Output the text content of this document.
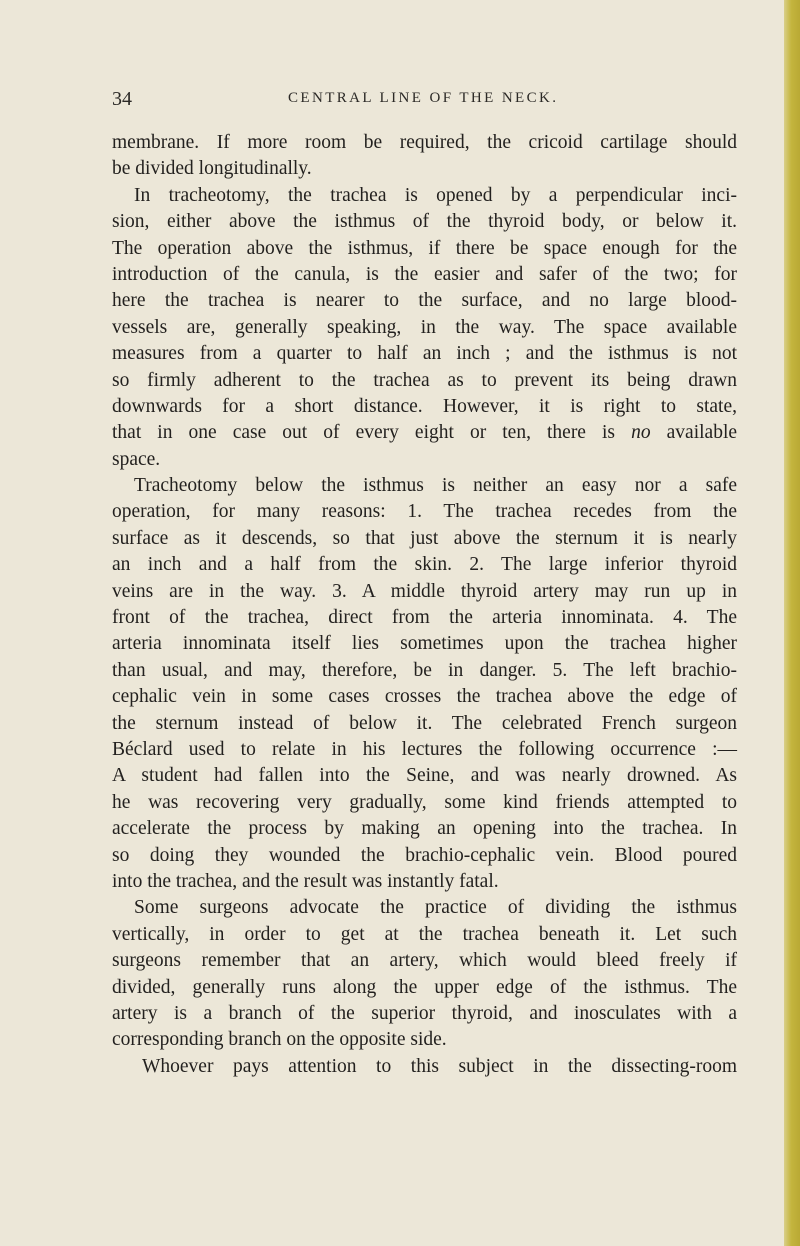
34	CENTRAL LINE OF THE NECK.
membrane. If more room be required, the cricoid cartilage should
be divided longitudinally.
In tracheotomy, the trachea is opened by a perpendicular inci-
sion, either above the isthmus of the thyroid body, or below it.
The operation above the isthmus, if there be space enough for the
introduction of the canula, is the easier and safer of the two; for
here the trachea is nearer to the surface, and no large blood-
vessels are, generally speaking, in the way. The space available
measures from a quarter to half an inch ; and the isthmus is not
so firmly adherent to the trachea as to prevent its being drawn
downwards for a short distance. However, it is right to state,
that in one case out of every eight or ten, there is no available
space.
Tracheotomy below the isthmus is neither an easy nor a safe
operation, for many reasons: 1. The trachea recedes from the
surface as it descends, so that just above the sternum it is nearly
an inch and a half from the skin. 2. The large inferior thyroid
veins are in the way. 3. A middle thyroid artery may run up in
front of the trachea, direct from the arteria innominata. 4. The
arteria innominata itself lies sometimes upon the trachea higher
than usual, and may, therefore, be in danger. 5. The left brachio-
cephalic vein in some cases crosses the trachea above the edge of
the sternum instead of below it. The celebrated French surgeon
Béclard used to relate in his lectures the following occurrence :—
A student had fallen into the Seine, and was nearly drowned. As
he was recovering very gradually, some kind friends attempted to
accelerate the process by making an opening into the trachea. In
so doing they wounded the brachio-cephalic vein. Blood poured
into the trachea, and the result was instantly fatal.
Some surgeons advocate the practice of dividing the isthmus
vertically, in order to get at the trachea beneath it. Let such
surgeons remember that an artery, which would bleed freely if
divided, generally runs along the upper edge of the isthmus. The
artery is a branch of the superior thyroid, and inosculates with a
corresponding branch on the opposite side.
Whoever pays attention to this subject in the dissecting-room
